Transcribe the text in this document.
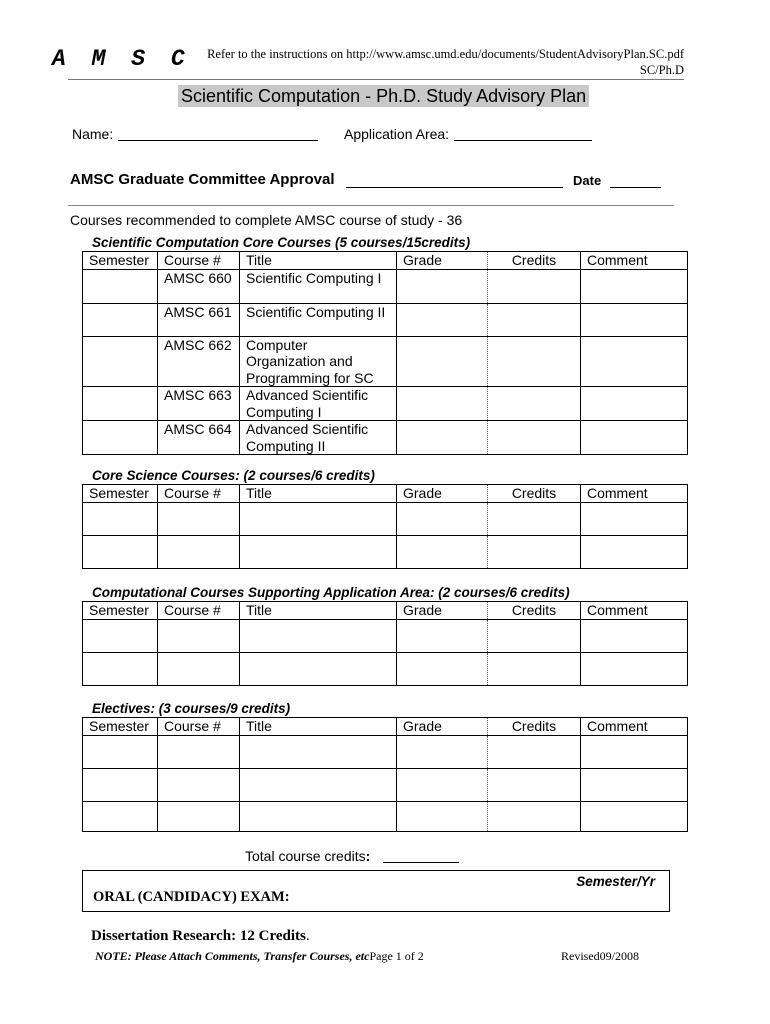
A M S C	Refer to the instructions on http://www.amsc.umd.edu/documents/StudentAdvisoryPlan.SC.pdf
SC/Ph.D
Scientific Computation - Ph.D. Study Advisory Plan
Name:	Application Area:
AMSC Graduate Committee Approval	Date
Courses recommended to complete AMSC course of study - 36
Scientific Computation Core Courses (5 courses/15credits)
Semester	Course #	Title	Grade	Credits	Comment
	AMSC 660	Scientific Computing I			
	AMSC 661	Scientific Computing II			
	AMSC 662	Computer Organization and Programming for SC			
	AMSC 663	Advanced Scientific Computing I			
	AMSC 664	Advanced Scientific Computing II			
Core Science Courses: (2 courses/6 credits)
Semester	Course #	Title	Grade	Credits	Comment

Computational Courses Supporting Application Area: (2 courses/6 credits)
Semester	Course #	Title	Grade	Credits	Comment

Electives: (3 courses/9 credits)
Semester	Course #	Title	Grade	Credits	Comment

Total course credits:
Semester/Yr
ORAL (CANDIDACY) EXAM:
Dissertation Research: 12 Credits.
NOTE: Please Attach Comments, Transfer Courses, etcPage 1 of 2	Revised09/2008
